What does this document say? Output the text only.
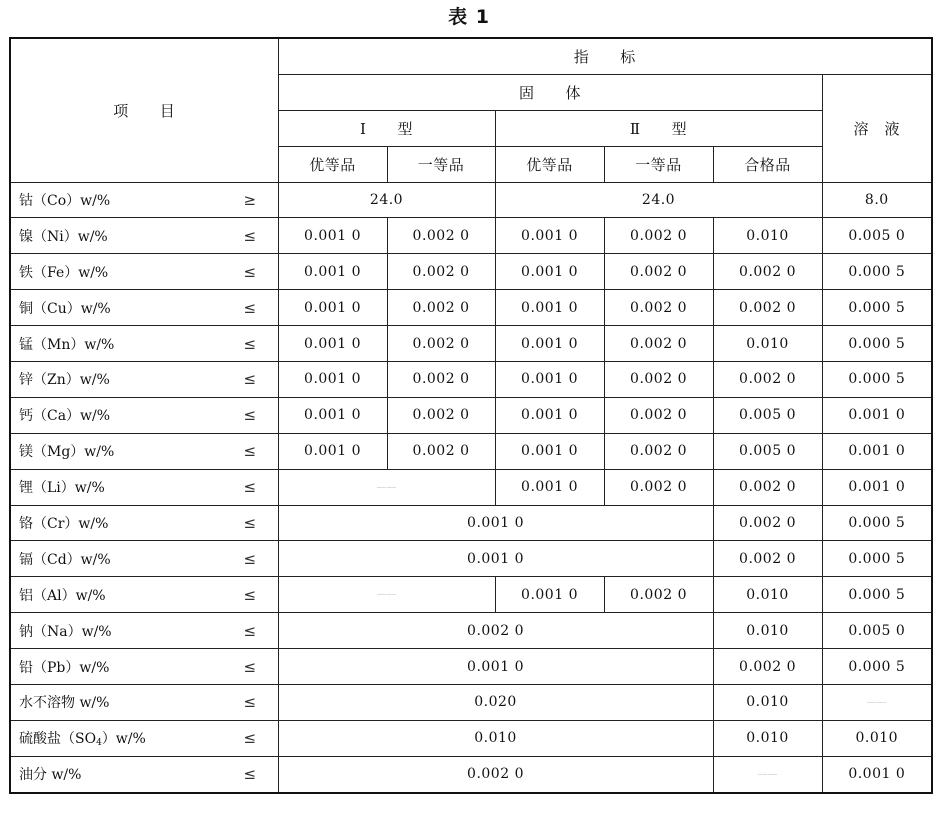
表 1
项　　目		指　　标					
		固　　体					溶　液
		Ⅰ　　型		Ⅱ　　型			
		优等品	一等品	优等品	一等品	合格品	
钴（Co）w/%	≥	24.0		24.0			8.0
镍（Ni）w/%	≤	0.001 0	0.002 0	0.001 0	0.002 0	0.010	0.005 0
铁（Fe）w/%	≤	0.001 0	0.002 0	0.001 0	0.002 0	0.002 0	0.000 5
铜（Cu）w/%	≤	0.001 0	0.002 0	0.001 0	0.002 0	0.002 0	0.000 5
锰（Mn）w/%	≤	0.001 0	0.002 0	0.001 0	0.002 0	0.010	0.000 5
锌（Zn）w/%	≤	0.001 0	0.002 0	0.001 0	0.002 0	0.002 0	0.000 5
钙（Ca）w/%	≤	0.001 0	0.002 0	0.001 0	0.002 0	0.005 0	0.001 0
镁（Mg）w/%	≤	0.001 0	0.002 0	0.001 0	0.002 0	0.005 0	0.001 0
锂（Li）w/%	≤	——		0.001 0	0.002 0	0.002 0	0.001 0
铬（Cr）w/%	≤	0.001 0				0.002 0	0.000 5
镉（Cd）w/%	≤	0.001 0				0.002 0	0.000 5
铝（Al）w/%	≤	——		0.001 0	0.002 0	0.010	0.000 5
钠（Na）w/%	≤	0.002 0				0.010	0.005 0
铅（Pb）w/%	≤	0.001 0				0.002 0	0.000 5
水不溶物 w/%	≤	0.020				0.010	——
硫酸盐$(SO_4)w/\%$	≤	0.010				0.010	0.010
油分 w/%	≤	0.002 0				——	0.001 0
